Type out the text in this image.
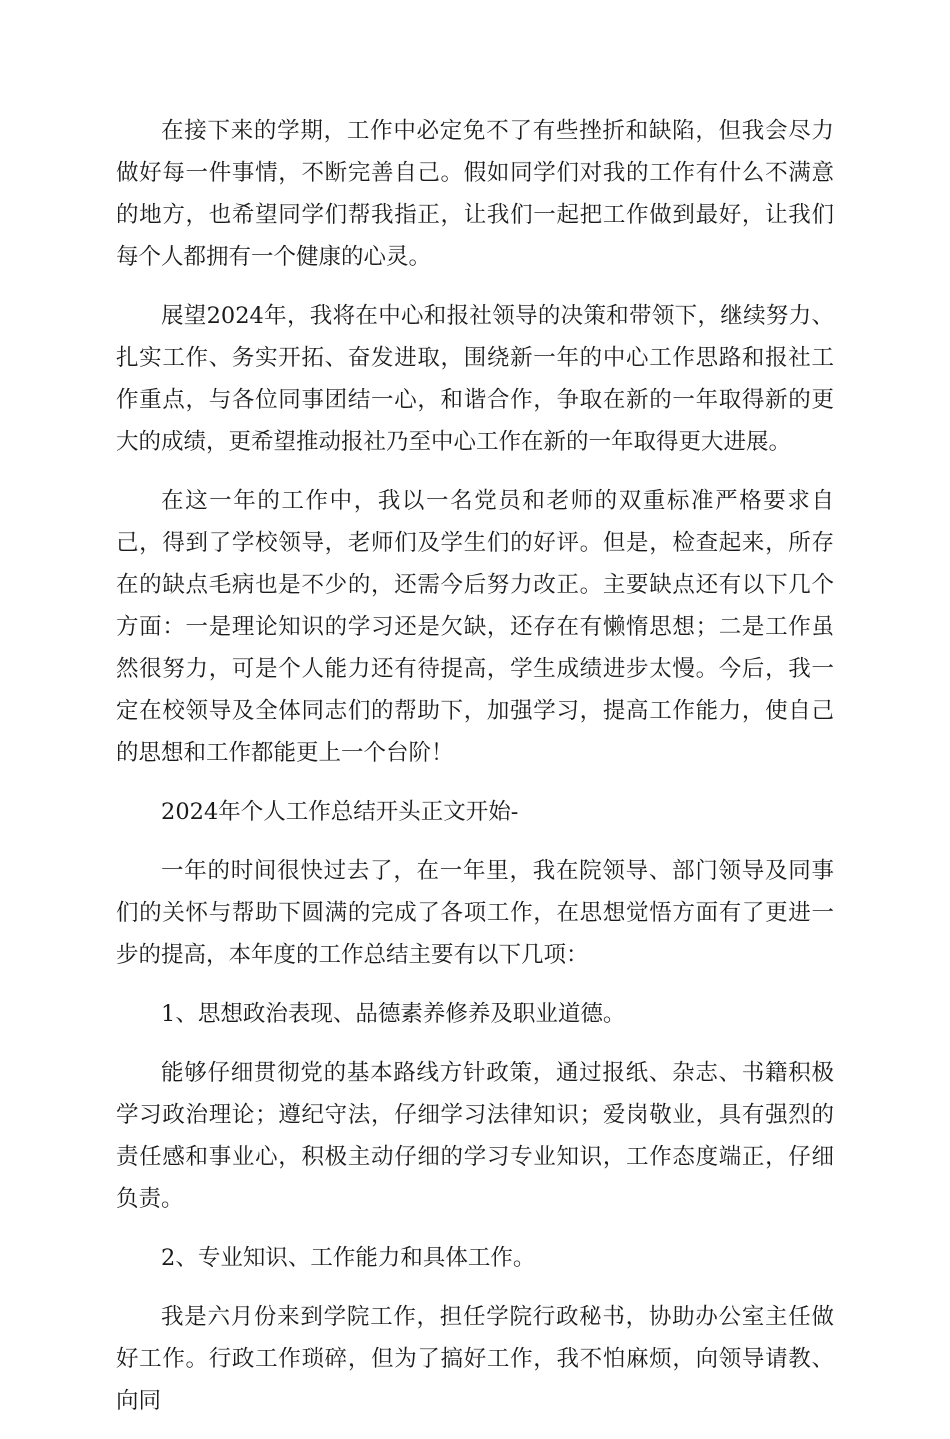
在接下来的学期，工作中必定免不了有些挫折和缺陷，但我会尽力做好每一件事情，不断完善自己。假如同学们对我的工作有什么不满意的地方，也希望同学们帮我指正，让我们一起把工作做到最好，让我们每个人都拥有一个健康的心灵。

展望2024年，我将在中心和报社领导的决策和带领下，继续努力、扎实工作、务实开拓、奋发进取，围绕新一年的中心工作思路和报社工作重点，与各位同事团结一心，和谐合作，争取在新的一年取得新的更大的成绩，更希望推动报社乃至中心工作在新的一年取得更大进展。

在这一年的工作中，我以一名党员和老师的双重标准严格要求自己，得到了学校领导，老师们及学生们的好评。但是，检查起来，所存在的缺点毛病也是不少的，还需今后努力改正。主要缺点还有以下几个方面：一是理论知识的学习还是欠缺，还存在有懒惰思想；二是工作虽然很努力，可是个人能力还有待提高，学生成绩进步太慢。今后，我一定在校领导及全体同志们的帮助下，加强学习，提高工作能力，使自己的思想和工作都能更上一个台阶！

2024年个人工作总结开头正文开始-

一年的时间很快过去了，在一年里，我在院领导、部门领导及同事们的关怀与帮助下圆满的完成了各项工作，在思想觉悟方面有了更进一步的提高，本年度的工作总结主要有以下几项：

1、思想政治表现、品德素养修养及职业道德。

能够仔细贯彻党的基本路线方针政策，通过报纸、杂志、书籍积极学习政治理论；遵纪守法，仔细学习法律知识；爱岗敬业，具有强烈的责任感和事业心，积极主动仔细的学习专业知识，工作态度端正，仔细负责。

2、专业知识、工作能力和具体工作。

我是六月份来到学院工作，担任学院行政秘书，协助办公室主任做好工作。行政工作琐碎，但为了搞好工作，我不怕麻烦，向领导请教、向同
